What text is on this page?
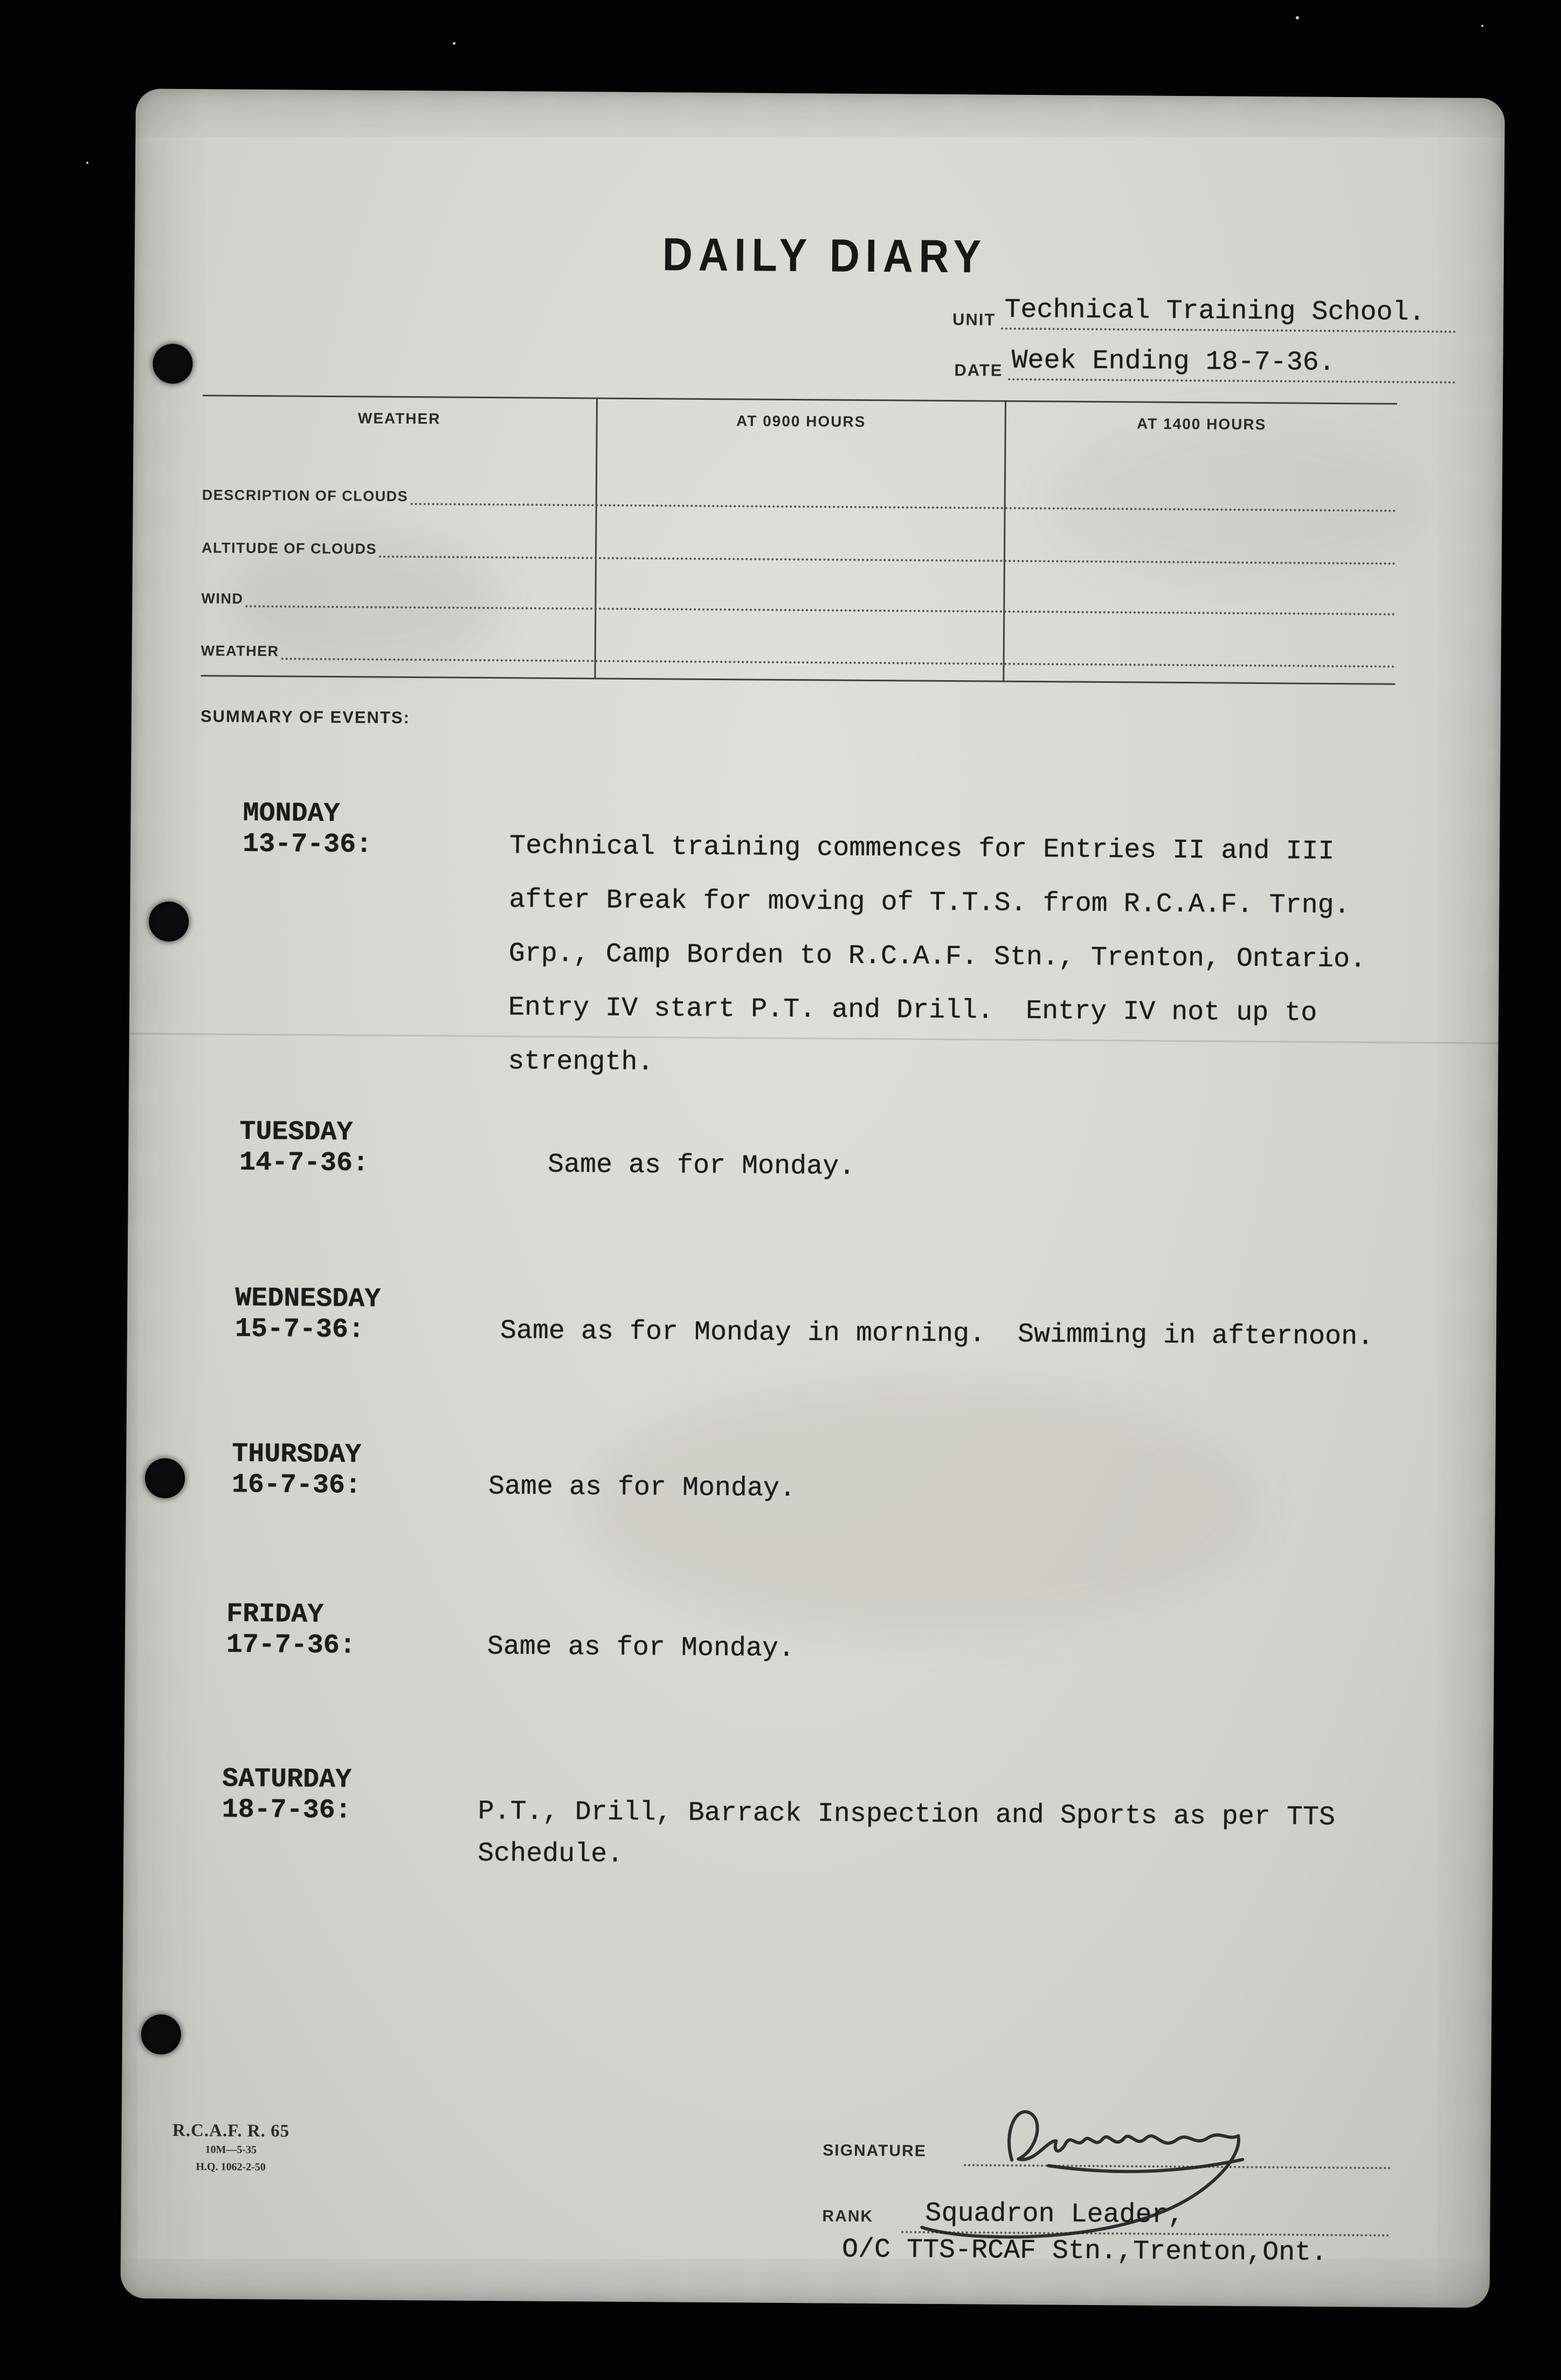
DAILY DIARY
UNIT Technical Training School.
DATE Week Ending 18-7-36.
WEATHER	AT 0900 HOURS	AT 1400 HOURS
DESCRIPTION OF CLOUDS
ALTITUDE OF CLOUDS
WIND
WEATHER
SUMMARY OF EVENTS:
MONDAY
13-7-36:	Technical training commences for Entries II and III
after Break for moving of T.T.S. from R.C.A.F. Trng.
Grp., Camp Borden to R.C.A.F. Stn., Trenton, Ontario.
Entry IV start P.T. and Drill.  Entry IV not up to
strength.
TUESDAY
14-7-36:	Same as for Monday.
WEDNESDAY
15-7-36:	Same as for Monday in morning.  Swimming in afternoon.
THURSDAY
16-7-36:	Same as for Monday.
FRIDAY
17-7-36:	Same as for Monday.
SATURDAY
18-7-36:	P.T., Drill, Barrack Inspection and Sports as per TTS
Schedule.
R.C.A.F. R. 65
10M—5-35
H.Q. 1062-2-50
SIGNATURE
RANK Squadron Leader,
O/C TTS-RCAF Stn.,Trenton,Ont.
